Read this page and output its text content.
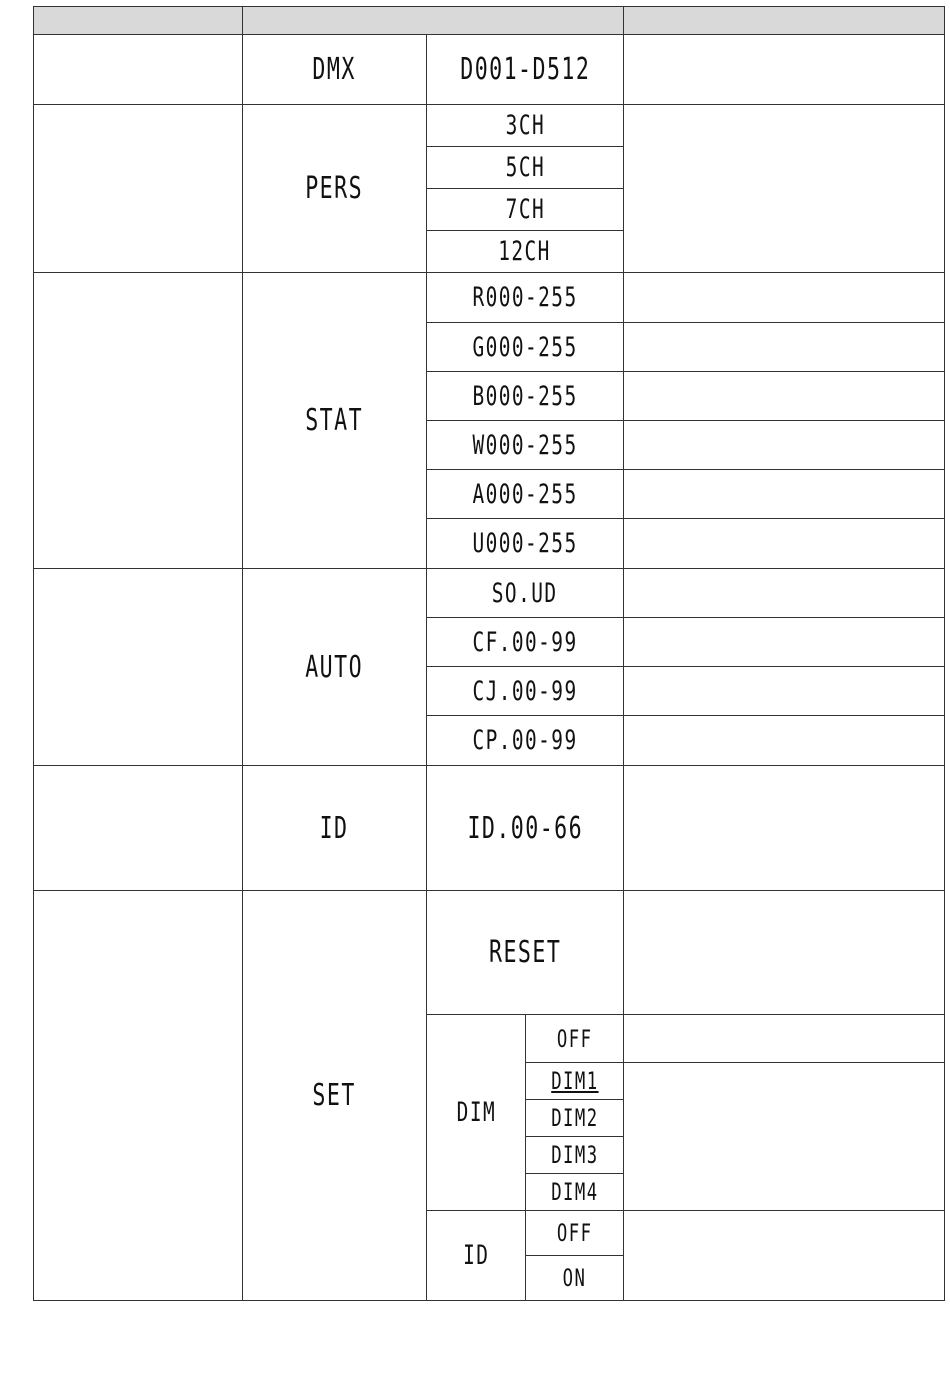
	DMX	D001-D512		
	PERS	3CH		
		5CH		
		7CH		
		12CH		
	STAT	R000-255		
		G000-255		
		B000-255		
		W000-255		
		A000-255		
		U000-255		
	AUTO	SO.UD		
		CF.00-99		
		CJ.00-99		
		CP.00-99		
	ID	ID.00-66		
	SET	RESET		
		DIM	OFF	
			DIM1	
			DIM2	
			DIM3	
			DIM4	
		ID	OFF	
			ON	
